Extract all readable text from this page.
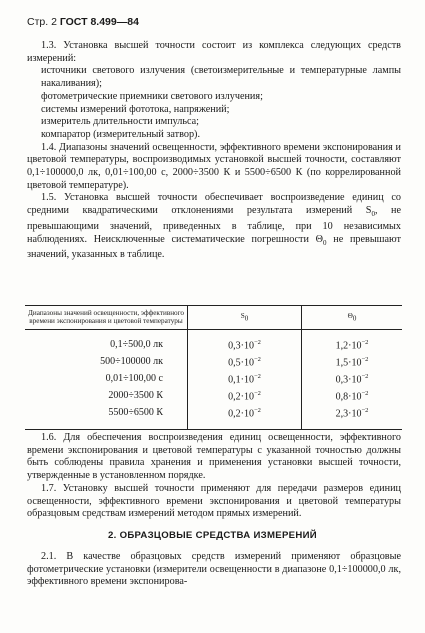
Стр. 2 ГОСТ 8.499—84

1.3. Установка высшей точности состоит из комплекса следующих средств измерений:

источники светового излучения (светоизмерительные и температурные лампы накаливания);

фотометрические приемники светового излучения;

системы измерений фототока, напряжений;

измеритель длительности импульса;

компаратор (измерительный затвор).

1.4. Диапазоны значений освещенности, эффективного времени экспонирования и цветовой температуры, воспроизводимых установкой высшей точности, составляют 0,1÷100000,0 лк, 0,01÷100,00 с, 2000÷3500 К и 5500÷6500 К (по коррелированной цветовой температуре).

1.5. Установка высшей точности обеспечивает воспроизведение единиц со средними квадратическими отклонениями результата измерений $S_0$, не превышающими значений, приведенных в таблице, при 10 независимых наблюдениях. Неисключенные систематические погрешности $\Theta_0$ не превышают значений, указанных в таблице.

Диапазоны значений освещенности, эффективного времени экспонирования и цветовой температуры	$S_0$	$\Theta_0$
0,1÷500,0 лк	$0,3\cdot 10^{-2}$	$1,2\cdot 10^{-2}$
500÷100000 лк	$0,5\cdot 10^{-2}$	$1,5\cdot 10^{-2}$
0,01÷100,00 с	$0,1\cdot 10^{-2}$	$0,3\cdot 10^{-2}$
2000÷3500 К	$0,2\cdot 10^{-2}$	$0,8\cdot 10^{-2}$
5500÷6500 К	$0,2\cdot 10^{-2}$	$2,3\cdot 10^{-2}$

1.6. Для обеспечения воспроизведения единиц освещенности, эффективного времени экспонирования и цветовой температуры с указанной точностью должны быть соблюдены правила хранения и применения установки высшей точности, утвержденные в установленном порядке.

1.7. Установку высшей точности применяют для передачи размеров единиц освещенности, эффективного времени экспонирования и цветовой температуры образцовым средствам измерений методом прямых измерений.

2. ОБРАЗЦОВЫЕ СРЕДСТВА ИЗМЕРЕНИЙ

2.1. В качестве образцовых средств измерений применяют образцовые фотометрические установки (измерители освещенности в диапазоне 0,1÷100000,0 лк, эффективного времени экспонирова-
